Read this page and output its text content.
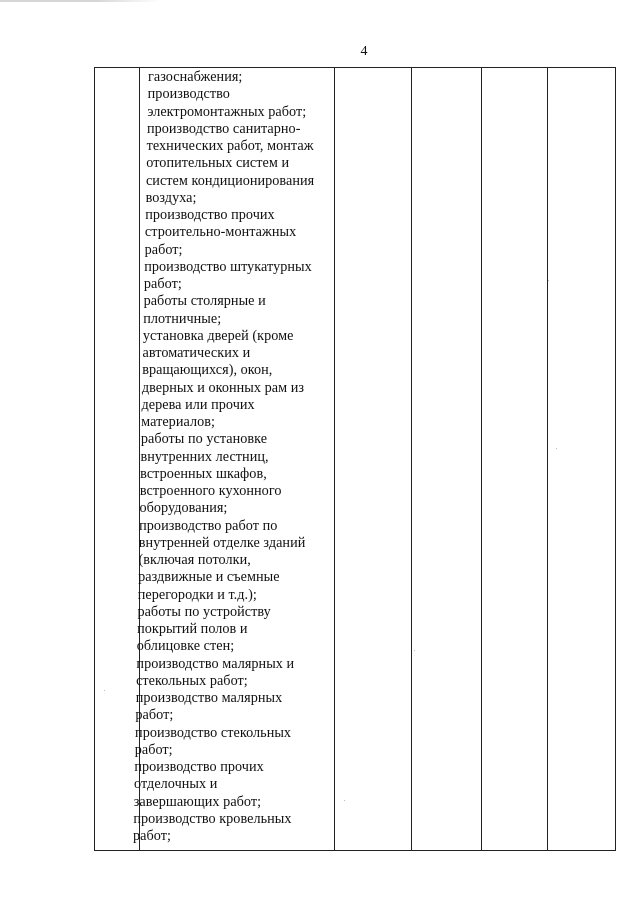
4

газоснабжения;
производство
электромонтажных работ;
производство санитарно-
технических работ, монтаж
отопительных систем и
систем кондиционирования
воздуха;
производство прочих
строительно-монтажных
работ;
производство штукатурных
работ;
работы столярные и
плотничные;
установка дверей (кроме
автоматических и
вращающихся), окон,
дверных и оконных рам из
дерева или прочих
материалов;
работы по установке
внутренних лестниц,
встроенных шкафов,
встроенного кухонного
оборудования;
производство работ по
внутренней отделке зданий
(включая потолки,
раздвижные и съемные
перегородки и т.д.);
работы по устройству
покрытий полов и
облицовке стен;
производство малярных и
стекольных работ;
производство малярных
работ;
производство стекольных
работ;
производство прочих
отделочных и
завершающих работ;
производство кровельных
работ;
